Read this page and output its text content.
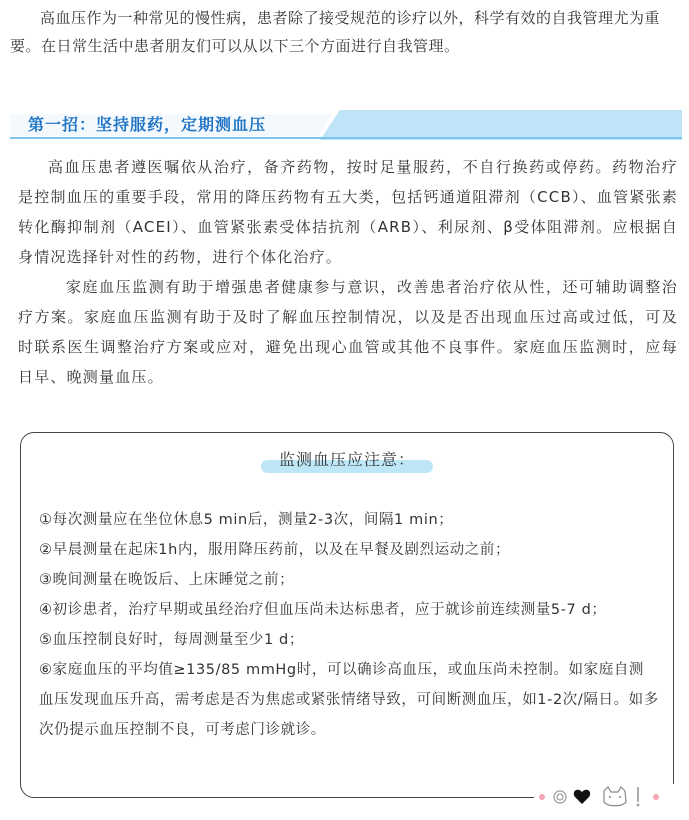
高血压作为一种常见的慢性病，患者除了接受规范的诊疗以外，科学有效的自我管理尤为重要。在日常生活中患者朋友们可以从以下三个方面进行自我管理。

第一招：坚持服药，定期测血压

高血压患者遵医嘱依从治疗，备齐药物，按时足量服药，不自行换药或停药。药物治疗是控制血压的重要手段，常用的降压药物有五大类，包括钙通道阻滞剂（CCB）、血管紧张素转化酶抑制剂（ACEI）、血管紧张素受体拮抗剂（ARB）、利尿剂、β受体阻滞剂。应根据自身情况选择针对性的药物，进行个体化治疗。

家庭血压监测有助于增强患者健康参与意识，改善患者治疗依从性，还可辅助调整治疗方案。家庭血压监测有助于及时了解血压控制情况，以及是否出现血压过高或过低，可及时联系医生调整治疗方案或应对，避免出现心血管或其他不良事件。家庭血压监测时，应每日早、晚测量血压。

监测血压应注意：
①每次测量应在坐位休息5 min后，测量2-3次，间隔1 min；
②早晨测量在起床1h内，服用降压药前，以及在早餐及剧烈运动之前；
③晚间测量在晚饭后、上床睡觉之前；
④初诊患者，治疗早期或虽经治疗但血压尚未达标患者，应于就诊前连续测量5-7 d；
⑤血压控制良好时，每周测量至少1 d；
⑥家庭血压的平均值≥135/85 mmHg时，可以确诊高血压，或血压尚未控制。如家庭自测血压发现血压升高，需考虑是否为焦虑或紧张情绪导致，可间断测血压，如1-2次/隔日。如多次仍提示血压控制不良，可考虑门诊就诊。
